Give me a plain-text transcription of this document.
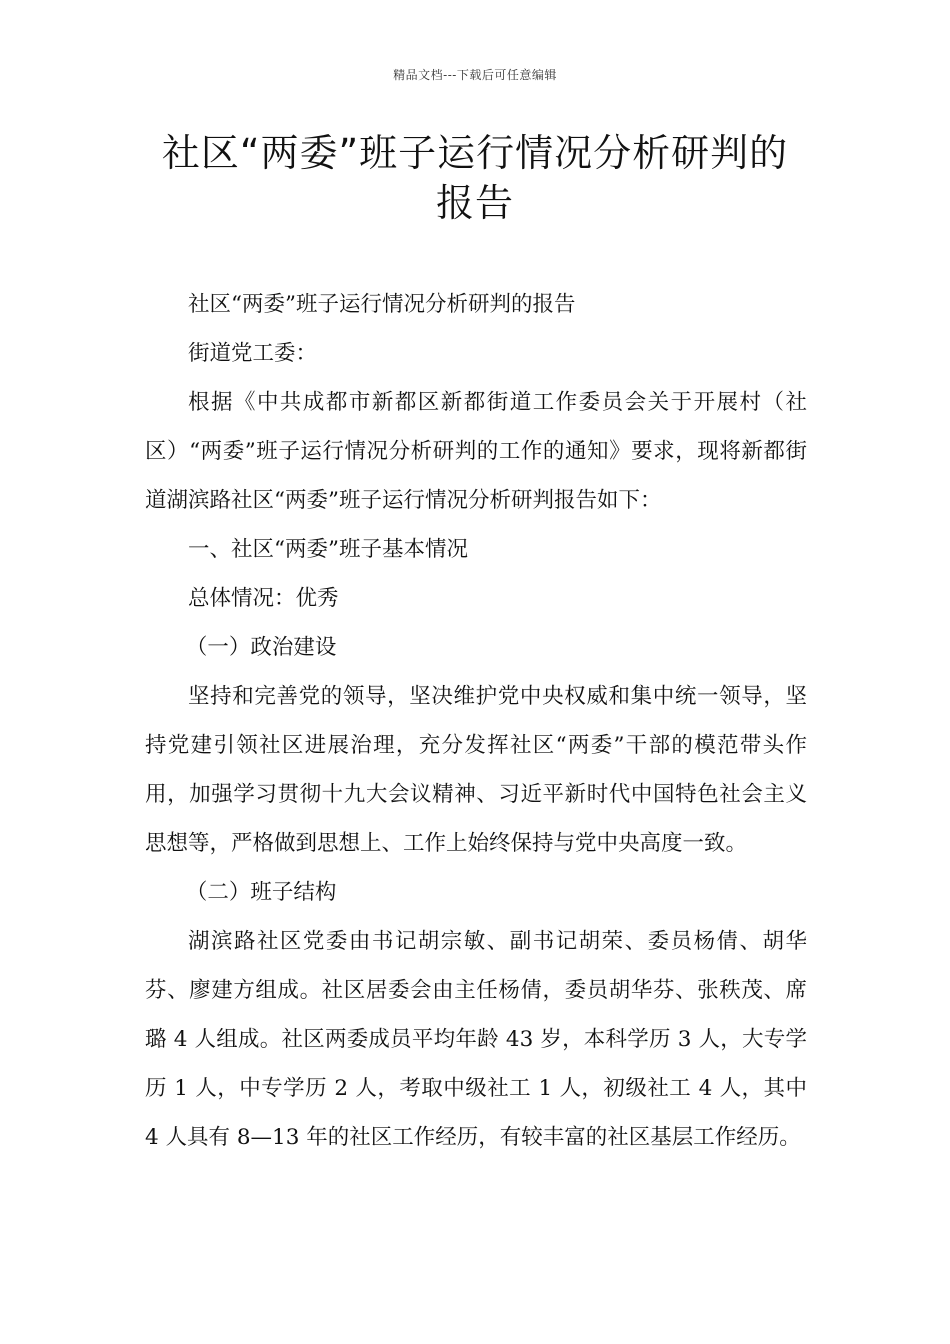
精品文档---下载后可任意编辑
社区“两委”班子运行情况分析研判的
报告

社区“两委”班子运行情况分析研判的报告

街道党工委：

根据《中共成都市新都区新都街道工作委员会关于开展村（社区）“两委”班子运行情况分析研判的工作的通知》要求，现将新都街道湖滨路社区“两委”班子运行情况分析研判报告如下：

一、社区“两委”班子基本情况

总体情况：优秀

（一）政治建设

坚持和完善党的领导，坚决维护党中央权威和集中统一领导，坚持党建引领社区进展治理，充分发挥社区“两委”干部的模范带头作用，加强学习贯彻十九大会议精神、习近平新时代中国特色社会主义思想等，严格做到思想上、工作上始终保持与党中央高度一致。

（二）班子结构

湖滨路社区党委由书记胡宗敏、副书记胡荣、委员杨倩、胡华芬、廖建方组成。社区居委会由主任杨倩，委员胡华芬、张秩茂、席璐 4 人组成。社区两委成员平均年龄 43 岁，本科学历 3 人，大专学历 1 人，中专学历 2 人，考取中级社工 1 人，初级社工 4 人，其中 4 人具有 8—13 年的社区工作经历，有较丰富的社区基层工作经历。
